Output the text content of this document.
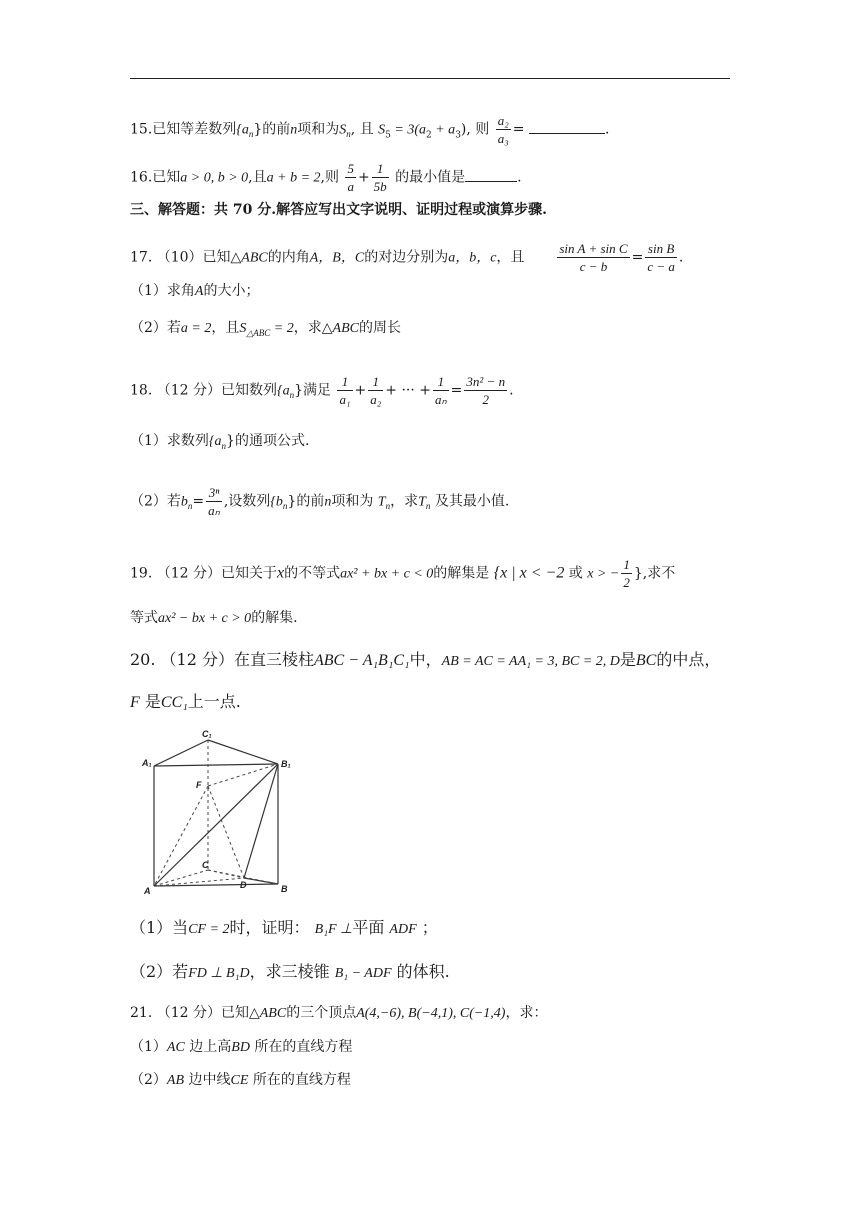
15.已知等差数列$\{a_n\}$的前n项和为$S_n$, 且 $S_5 = 3(a_2 + a_3)$, 则 $\frac{\text{a₂}}{\text{a₃}}$ =	.
16.已知a > 0, b > 0,且a + b = 2,则 $\frac{5}{a} + \frac{1}{5b}$ 的最小值是	.
三、解答题：共 70 分.解答应写出文字说明、证明过程或演算步骤.
17. （10）已知△ABC的内角A，B，C的对边分别为a，b，c，且	$\frac{\text{sin A + sin C}}{c - b} = \frac{\text{sin B}}{c - a}$ .
（1）求角A的大小；
（2）若a = 2，且$S_{\triangle ABC} = 2$，求△ABC的周长
18. （12 分）已知数列$\{a_n\}$满足 $\frac{1}{\text{a₁}} + \frac{1}{\text{a₂}}$ + ··· + $\frac{1}{\text{aₙ}} = \frac{\text{3n² − n}}{2}$ .
（1）求数列$\{a_n\}$的通项公式.
（2）若$b_n= \frac{\text{3ⁿ}}{\text{aₙ}}$ ,设数列$\{b_n\}$的前n项和为 $T_n$，求$T_n$ 及其最小值.
19. （12 分）已知关于x的不等式ax² + bx + c < 0的解集是 {x | x < −2 或 x > − $\frac{1}{2}$ },求不
等式ax² − bx + c > 0的解集.
20. （12 分）在直三棱柱ABC − A₁B₁C₁中，AB = AC = AA₁ = 3, BC = 2, D是BC的中点，
F 是CC₁上一点.
C₁
A₁	B₁
F
C
D
A	B
（1）当CF = 2时，证明： B₁F ⊥平面 ADF ；
（2）若FD ⊥ B₁D，求三棱锥 B₁ − ADF 的体积.
21. （12 分）已知△ABC的三个顶点A(4,−6), B(−4,1), C(−1,4)，求：
（1）AC 边上高BD 所在的直线方程
（2）AB 边中线CE 所在的直线方程
